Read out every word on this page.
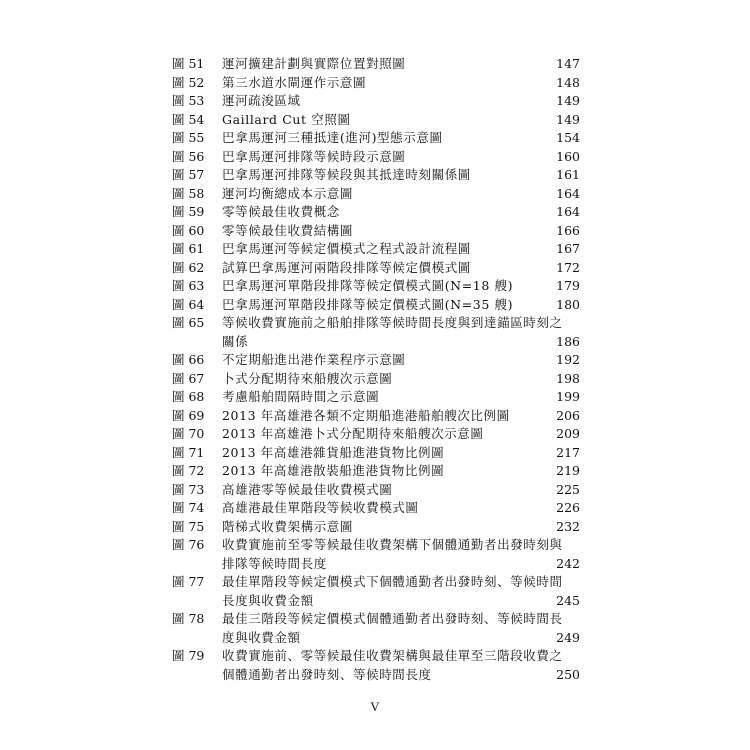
圖 51 運河擴建計劃與實際位置對照圖	147
圖 52 第三水道水閘運作示意圖	148
圖 53 運河疏浚區域	149
圖 54 Gaillard Cut 空照圖	149
圖 55 巴拿馬運河三種抵達(進河)型態示意圖	154
圖 56 巴拿馬運河排隊等候時段示意圖	160
圖 57 巴拿馬運河排隊等候段與其抵達時刻關係圖	161
圖 58 運河均衡總成本示意圖	164
圖 59 零等候最佳收費概念	164
圖 60 零等候最佳收費結構圖	166
圖 61 巴拿馬運河等候定價模式之程式設計流程圖	167
圖 62 試算巴拿馬運河兩階段排隊等候定價模式圖	172
圖 63 巴拿馬運河單階段排隊等候定價模式圖(N=18 艘)	179
圖 64 巴拿馬運河單階段排隊等候定價模式圖(N=35 艘)	180
圖 65 等候收費實施前之船舶排隊等候時間長度與到達錨區時刻之
關係	186
圖 66 不定期船進出港作業程序示意圖	192
圖 67 卜式分配期待來船艘次示意圖	198
圖 68 考慮船舶間隔時間之示意圖	199
圖 69 2013 年高雄港各類不定期船進港船舶艘次比例圖	206
圖 70 2013 年高雄港卜式分配期待來船艘次示意圖	209
圖 71 2013 年高雄港雜貨船進港貨物比例圖	217
圖 72 2013 年高雄港散裝船進港貨物比例圖	219
圖 73 高雄港零等候最佳收費模式圖	225
圖 74 高雄港最佳單階段等候收費模式圖	226
圖 75 階梯式收費架構示意圖	232
圖 76 收費實施前至零等候最佳收費架構下個體通勤者出發時刻與
排隊等候時間長度	242
圖 77 最佳單階段等候定價模式下個體通勤者出發時刻、等候時間
長度與收費金額	245
圖 78 最佳三階段等候定價模式個體通勤者出發時刻、等候時間長
度與收費金額	249
圖 79 收費實施前、零等候最佳收費架構與最佳單至三階段收費之
個體通勤者出發時刻、等候時間長度	250
V
